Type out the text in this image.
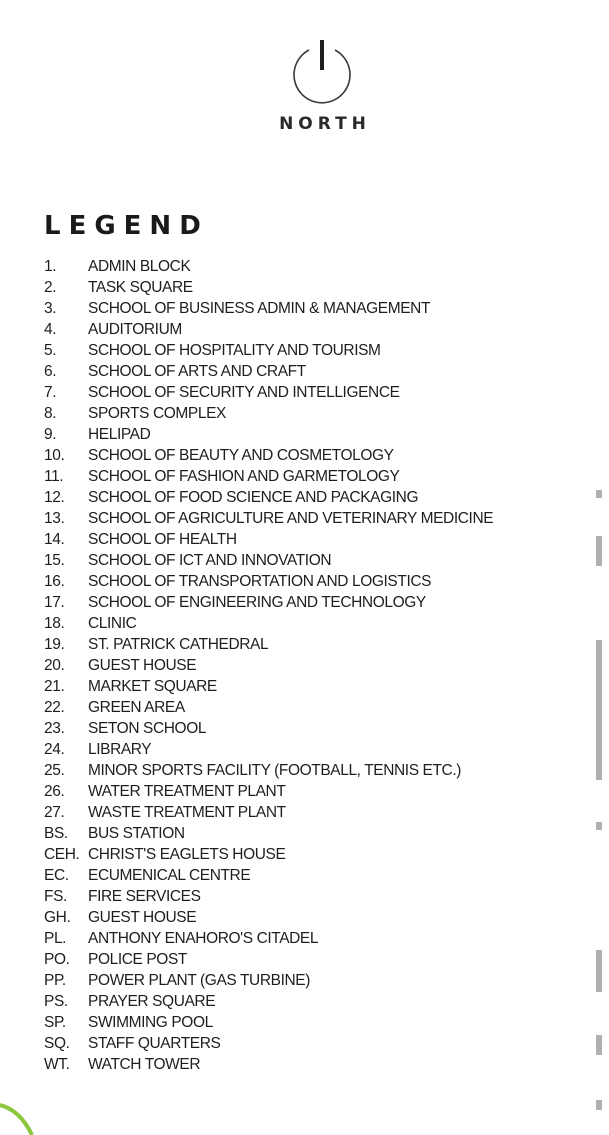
NORTH
LEGEND
1.	ADMIN BLOCK
2.	TASK SQUARE
3.	SCHOOL OF BUSINESS ADMIN & MANAGEMENT
4.	AUDITORIUM
5.	SCHOOL OF HOSPITALITY AND TOURISM
6.	SCHOOL OF ARTS AND CRAFT
7.	SCHOOL OF SECURITY AND INTELLIGENCE
8.	SPORTS COMPLEX
9.	HELIPAD
10.	SCHOOL OF BEAUTY AND COSMETOLOGY
11.	SCHOOL OF FASHION AND GARMETOLOGY
12.	SCHOOL OF FOOD SCIENCE AND PACKAGING
13.	SCHOOL OF AGRICULTURE AND VETERINARY MEDICINE
14.	SCHOOL OF HEALTH
15.	SCHOOL OF ICT AND INNOVATION
16.	SCHOOL OF TRANSPORTATION AND LOGISTICS
17.	SCHOOL OF ENGINEERING AND TECHNOLOGY
18.	CLINIC
19.	ST. PATRICK CATHEDRAL
20.	GUEST HOUSE
21.	MARKET SQUARE
22.	GREEN AREA
23.	SETON SCHOOL
24.	LIBRARY
25.	MINOR SPORTS FACILITY (FOOTBALL, TENNIS ETC.)
26.	WATER TREATMENT PLANT
27.	WASTE TREATMENT PLANT
BS.	BUS STATION
CEH. CHRIST'S EAGLETS HOUSE
EC.	ECUMENICAL CENTRE
FS.	FIRE SERVICES
GH.	GUEST HOUSE
PL.	ANTHONY ENAHORO'S CITADEL
PO.	POLICE POST
PP.	POWER PLANT (GAS TURBINE)
PS.	PRAYER SQUARE
SP.	SWIMMING POOL
SQ.	STAFF QUARTERS
WT.	WATCH TOWER
